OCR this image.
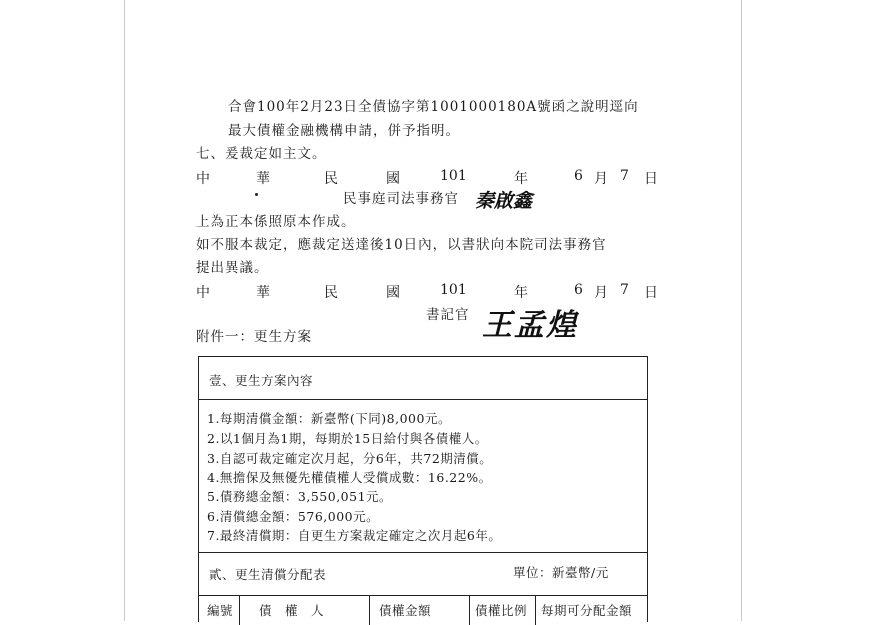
合會100年2月23日全債協字第1001000180A號函之說明逕向
最大債權金融機構申請，併予指明。
七、爰裁定如主文。
中	華	民	國	101	年	6 月 7 日
民事庭司法事務官 秦啟鑫
上為正本係照原本作成。
如不服本裁定，應裁定送達後10日內，以書狀向本院司法事務官
提出異議。
中	華	民	國	101	年	6 月 7 日
書記官 王孟煌
附件一：更生方案
壹、更生方案內容
1.每期清償金額：新臺幣(下同)8,000元。
2.以1個月為1期，每期於15日給付與各債權人。
3.自認可裁定確定次月起，分6年，共72期清償。
4.無擔保及無優先權債權人受償成數：16.22%。
5.債務總金額：3,550,051元。
6.清償總金額：576,000元。
7.最終清償期：自更生方案裁定確定之次月起6年。
貳、更生清償分配表	單位：新臺幣/元
編號 債　權　人	債權金額	債權比例 每期可分配金額
